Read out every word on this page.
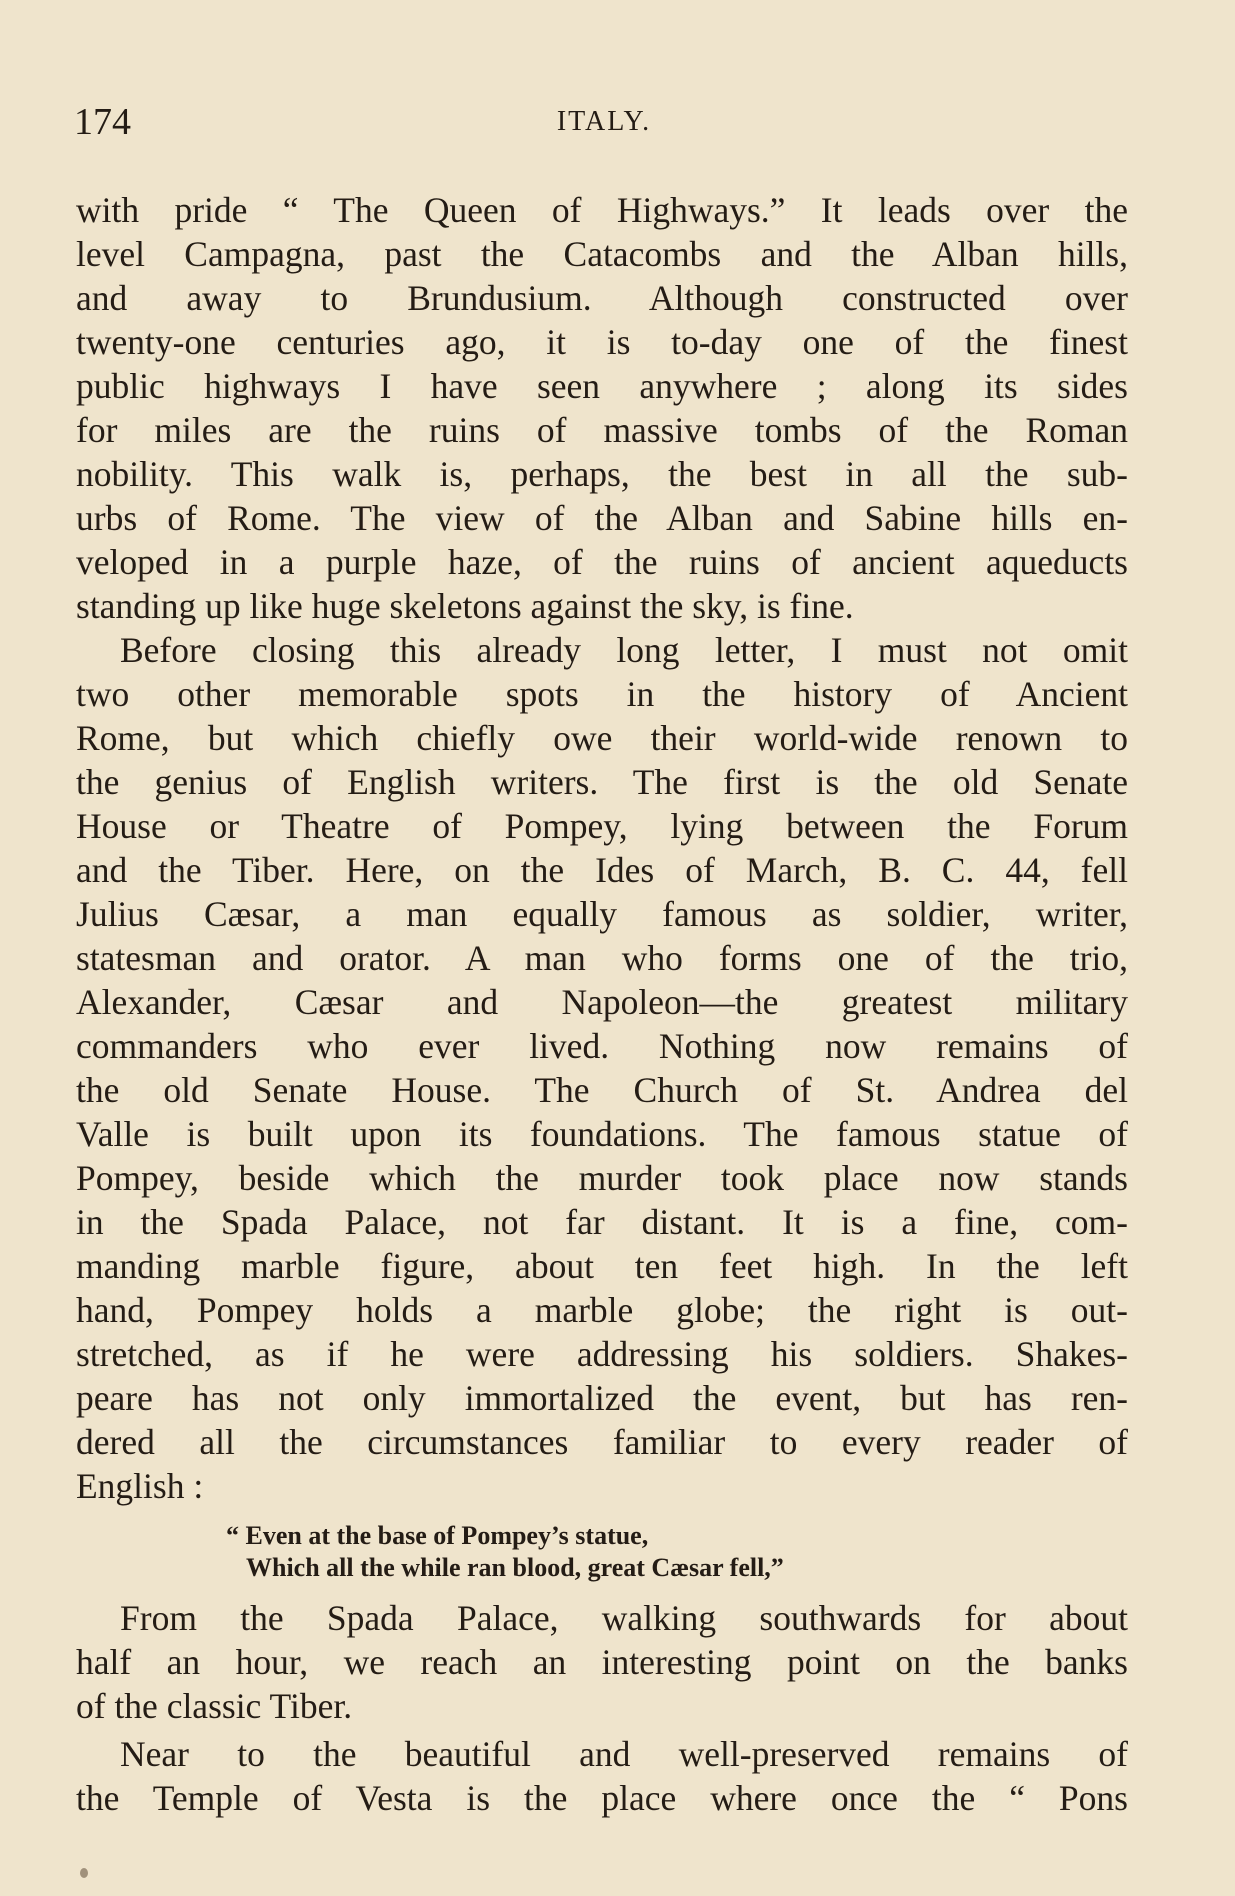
174	ITALY.
with pride “ The Queen of Highways.” It leads over the
level Campagna, past the Catacombs and the Alban hills,
and away to Brundusium. Although constructed over
twenty-one centuries ago, it is to-day one of the finest
public highways I have seen anywhere ; along its sides
for miles are the ruins of massive tombs of the Roman
nobility. This walk is, perhaps, the best in all the sub-
urbs of Rome. The view of the Alban and Sabine hills en-
veloped in a purple haze, of the ruins of ancient aqueducts
standing up like huge skeletons against the sky, is fine.
Before closing this already long letter, I must not omit
two other memorable spots in the history of Ancient
Rome, but which chiefly owe their world-wide renown to
the genius of English writers. The first is the old Senate
House or Theatre of Pompey, lying between the Forum
and the Tiber. Here, on the Ides of March, B. C. 44, fell
Julius Cæsar, a man equally famous as soldier, writer,
statesman and orator. A man who forms one of the trio,
Alexander, Cæsar and Napoleon—the greatest military
commanders who ever lived. Nothing now remains of
the old Senate House. The Church of St. Andrea del
Valle is built upon its foundations. The famous statue of
Pompey, beside which the murder took place now stands
in the Spada Palace, not far distant. It is a fine, com-
manding marble figure, about ten feet high. In the left
hand, Pompey holds a marble globe; the right is out-
stretched, as if he were addressing his soldiers. Shakes-
peare has not only immortalized the event, but has ren-
dered all the circumstances familiar to every reader of
English :
“ Even at the base of Pompey’s statue,
Which all the while ran blood, great Cæsar fell,”
From the Spada Palace, walking southwards for about
half an hour, we reach an interesting point on the banks
of the classic Tiber.
Near to the beautiful and well-preserved remains of
the Temple of Vesta is the place where once the “ Pons
